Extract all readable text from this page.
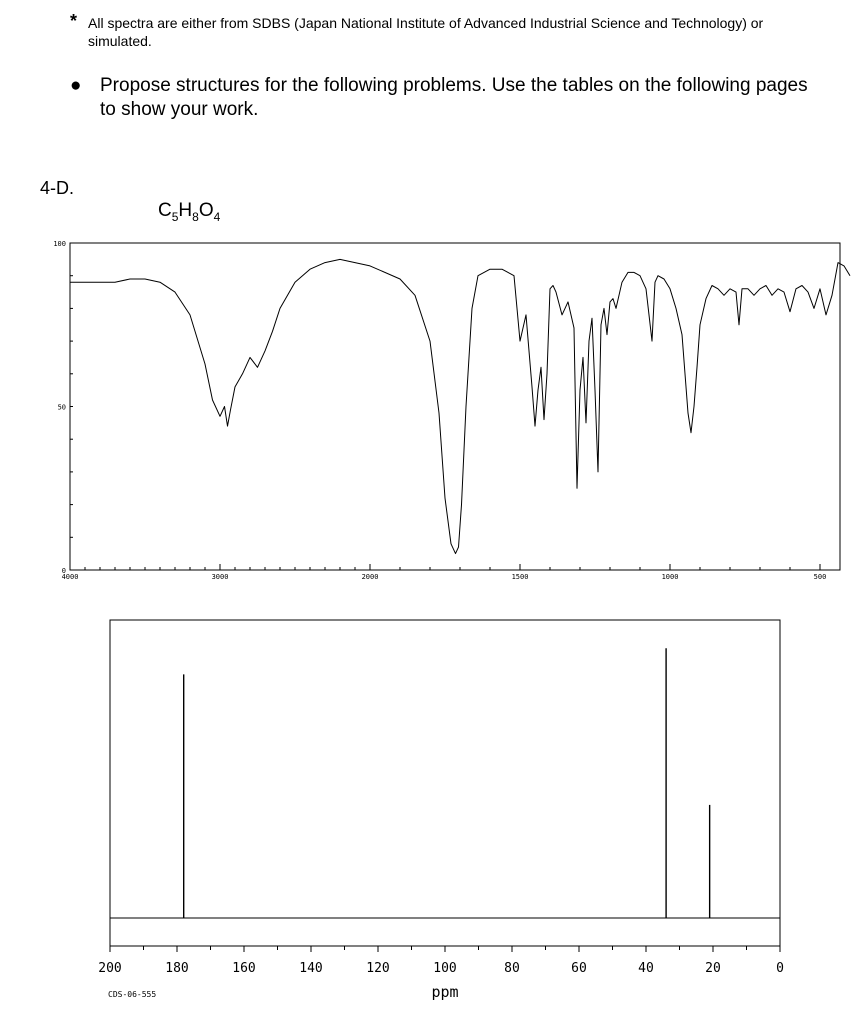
* All spectra are either from SDBS (Japan National Institute of Advanced Industrial Science and Technology) or simulated.
● Propose structures for the following problems. Use the tables on the following pages to show your work.
4-D.
$C_5H_8O_4$
4000	3000	2000	1500	1000	500
100
50
0
200	180	160	140	120	100	80	60	40	20	0
ppm
CDS-06-555
